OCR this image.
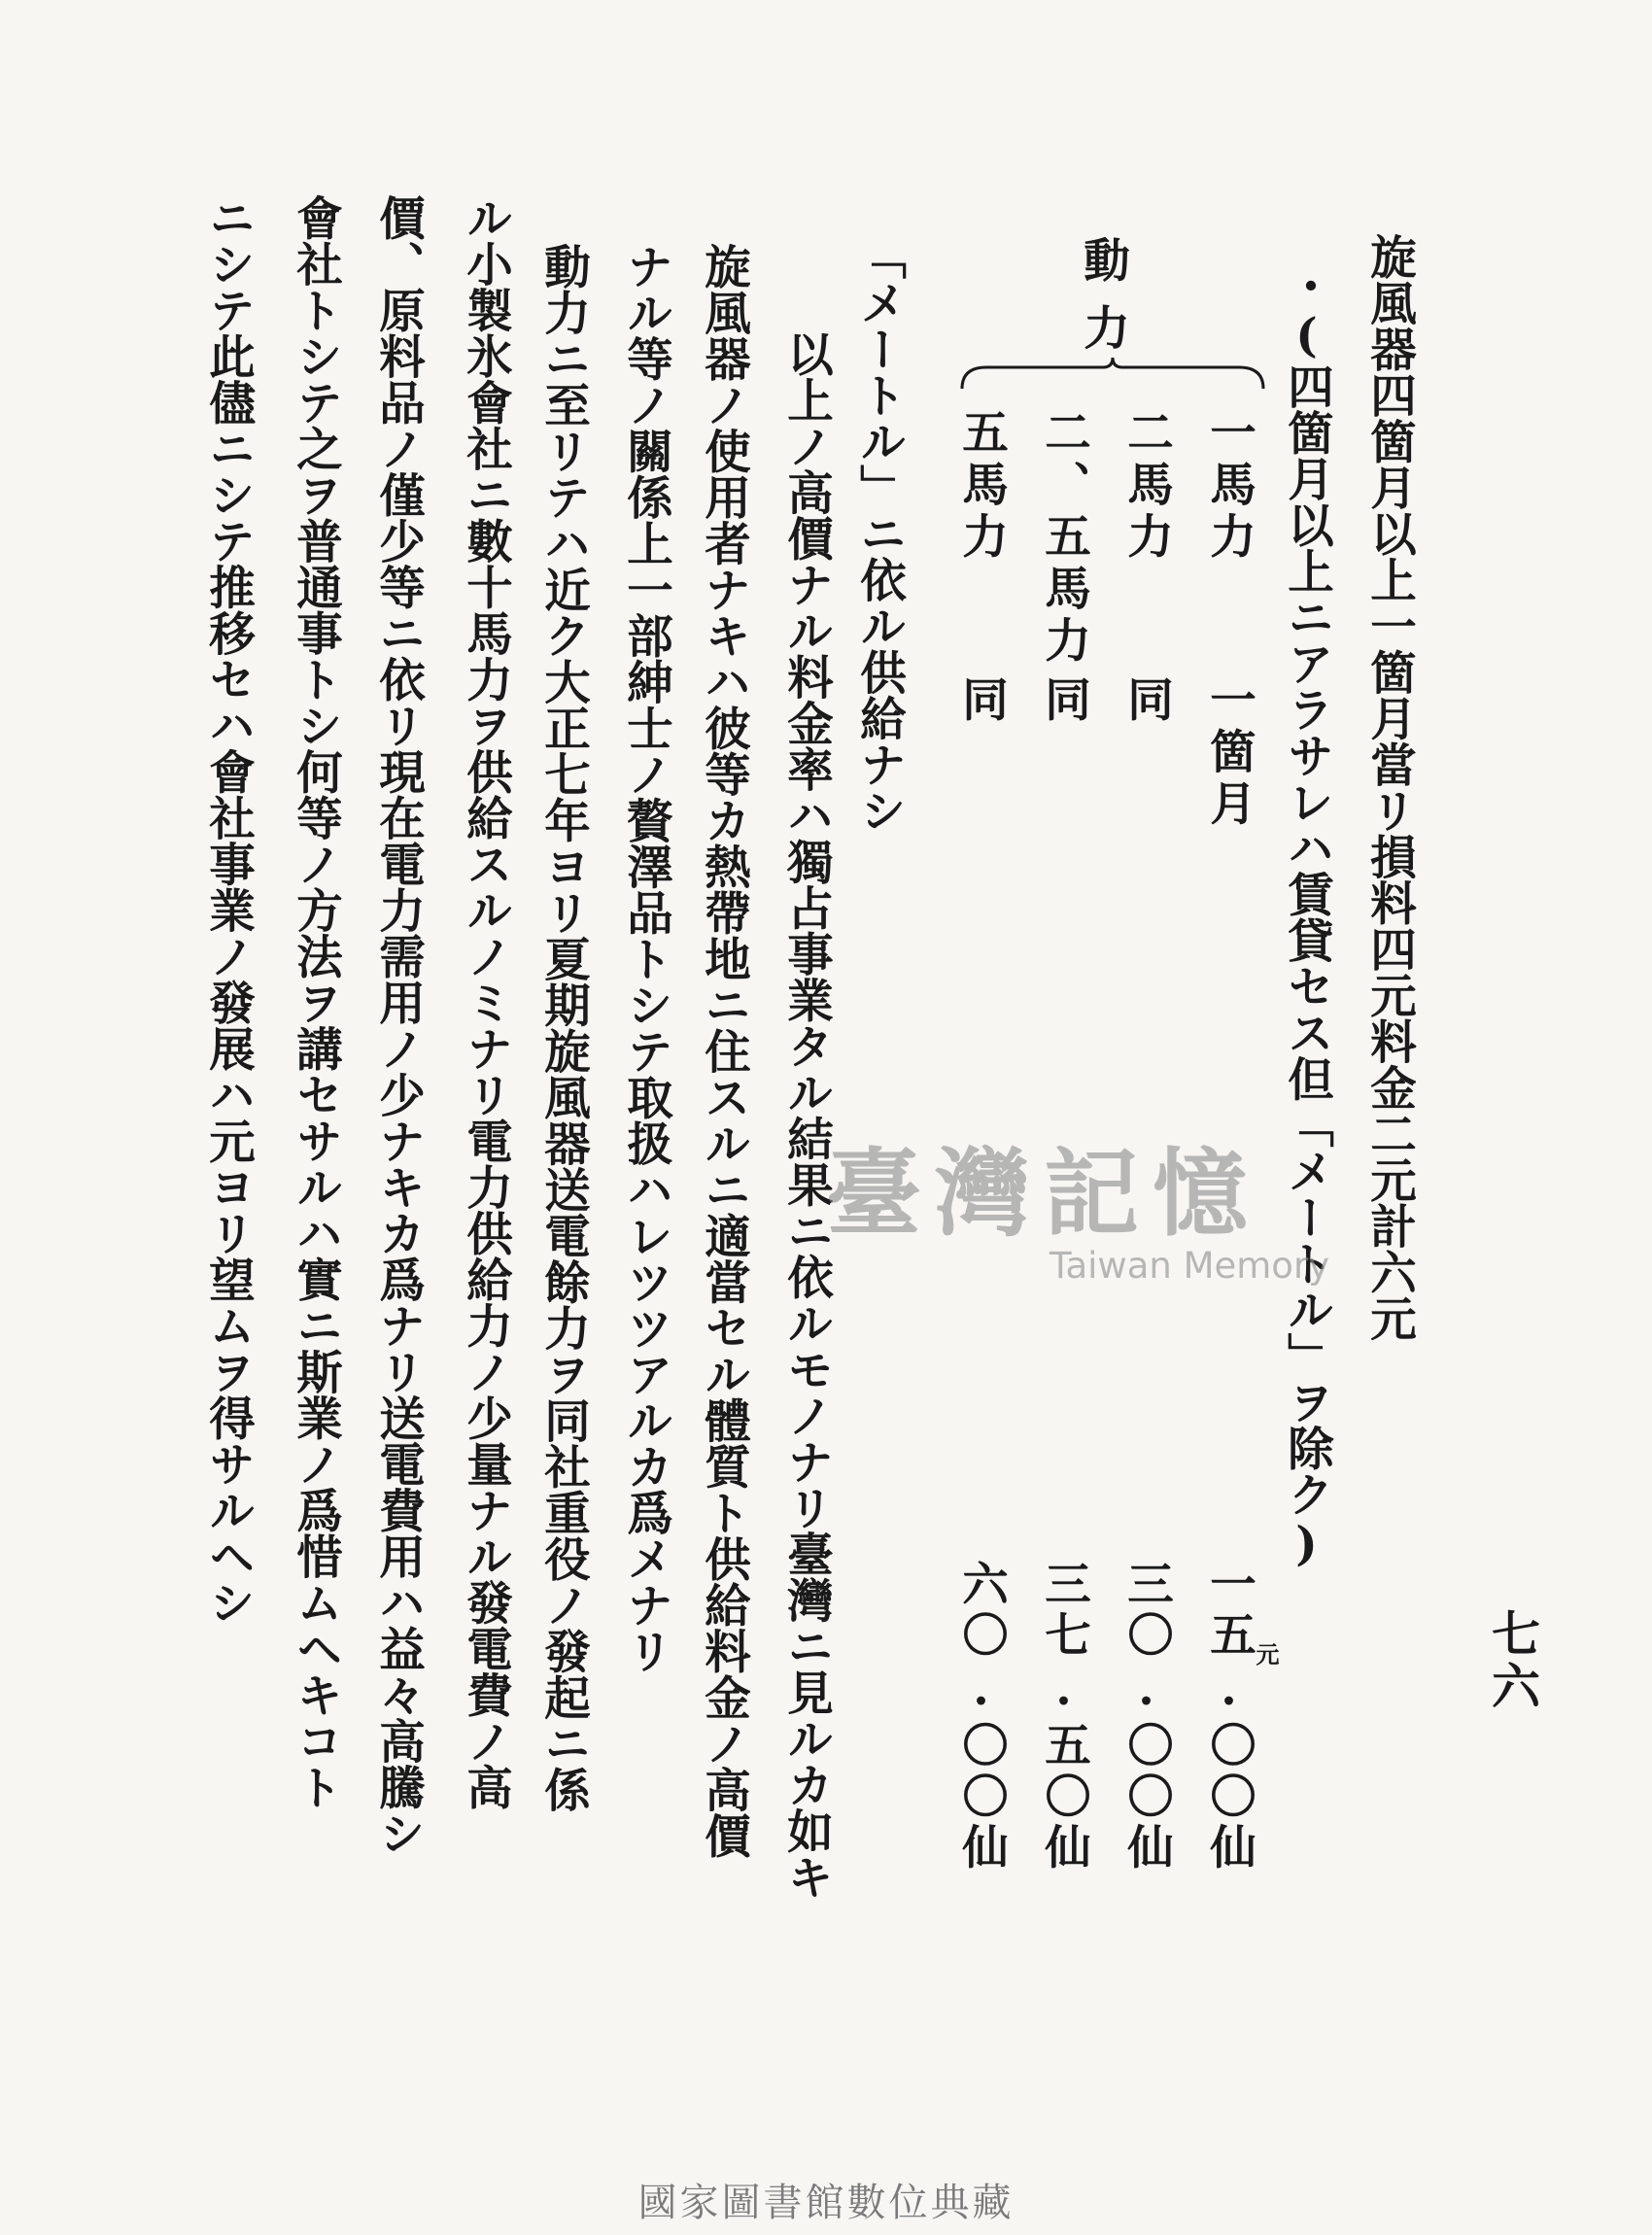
七六
旋風器四箇月以上一箇月當リ損料四元料金二元計六元
・(四箇月以上ニアラサレハ賃貸セス但「メートル」ヲ除ク)
動力
一馬力
一箇月
一五.〇〇仙
元
二馬力
同
三〇.〇〇仙
二、五馬力
同
三七.五〇仙
五馬力
同
六〇.〇〇仙
「メートル」ニ依ル供給ナシ
以上ノ高價ナル料金率ハ獨占事業タル結果ニ依ルモノナリ臺灣ニ見ルカ如キ
旋風器ノ使用者ナキハ彼等カ熱帶地ニ住スルニ適當セル體質ト供給料金ノ高價
ナル等ノ關係上一部紳士ノ贅澤品トシテ取扱ハレツツアルカ爲メナリ
動力ニ至リテハ近ク大正七年ヨリ夏期旋風器送電餘力ヲ同社重役ノ發起ニ係
ル小製氷會社ニ數十馬力ヲ供給スルノミナリ電力供給力ノ少量ナル發電費ノ高
價、原料品ノ僅少等ニ依リ現在電力需用ノ少ナキカ爲ナリ送電費用ハ益々高騰シ
會社トシテ之ヲ普通事トシ何等ノ方法ヲ講セサルハ實ニ斯業ノ爲惜ムヘキコト
ニシテ此儘ニシテ推移セハ會社事業ノ發展ハ元ヨリ望ムヲ得サルヘシ	臺灣記憶
Taiwan Memory
國家圖書館數位典藏
